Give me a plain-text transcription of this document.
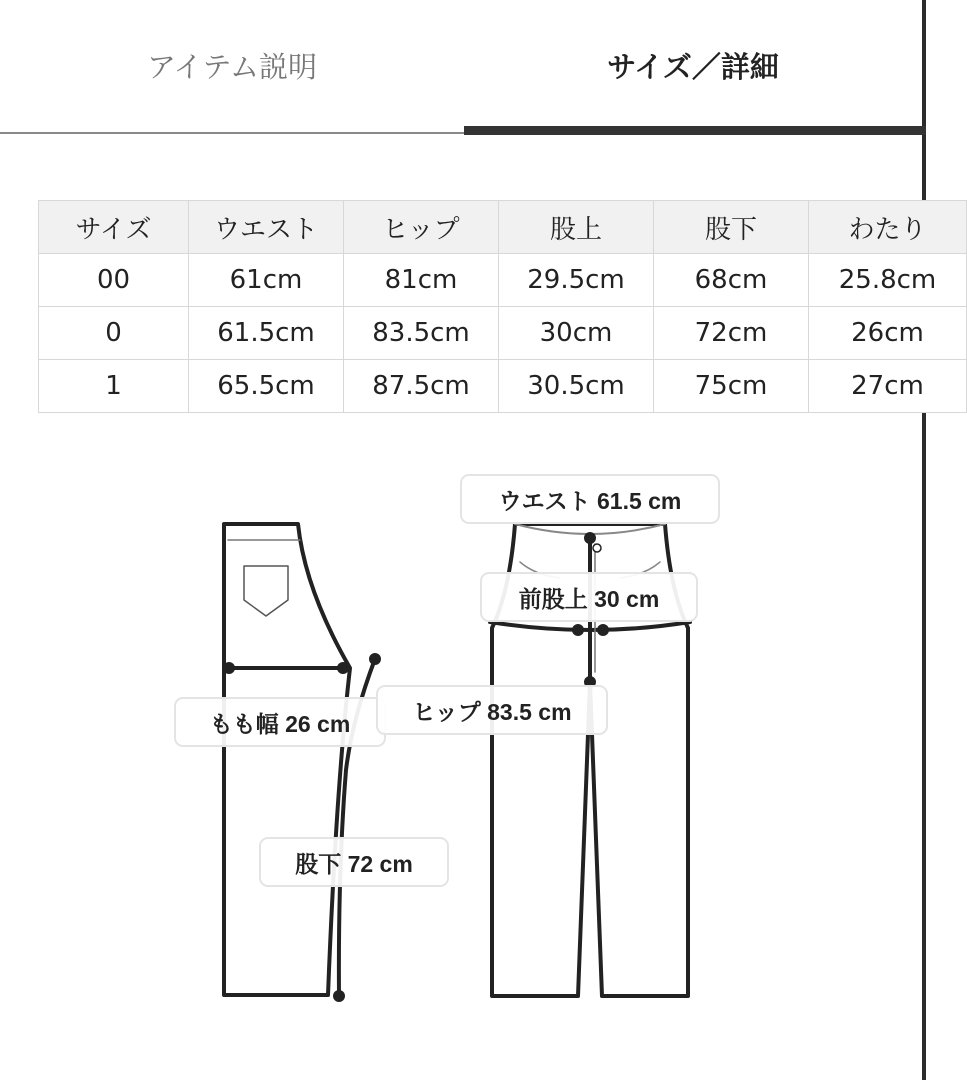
アイテム説明	サイズ／詳細
サイズ	ウエスト	ヒップ	股上	股下	わたり
00	61cm	81cm	29.5cm	68cm	25.8cm
0	61.5cm	83.5cm	30cm	72cm	26cm
1	65.5cm	87.5cm	30.5cm	75cm	27cm
ウエスト 61.5 cm
前股上 30 cm
もも幅 26 cm	ヒップ 83.5 cm
股下 72 cm
